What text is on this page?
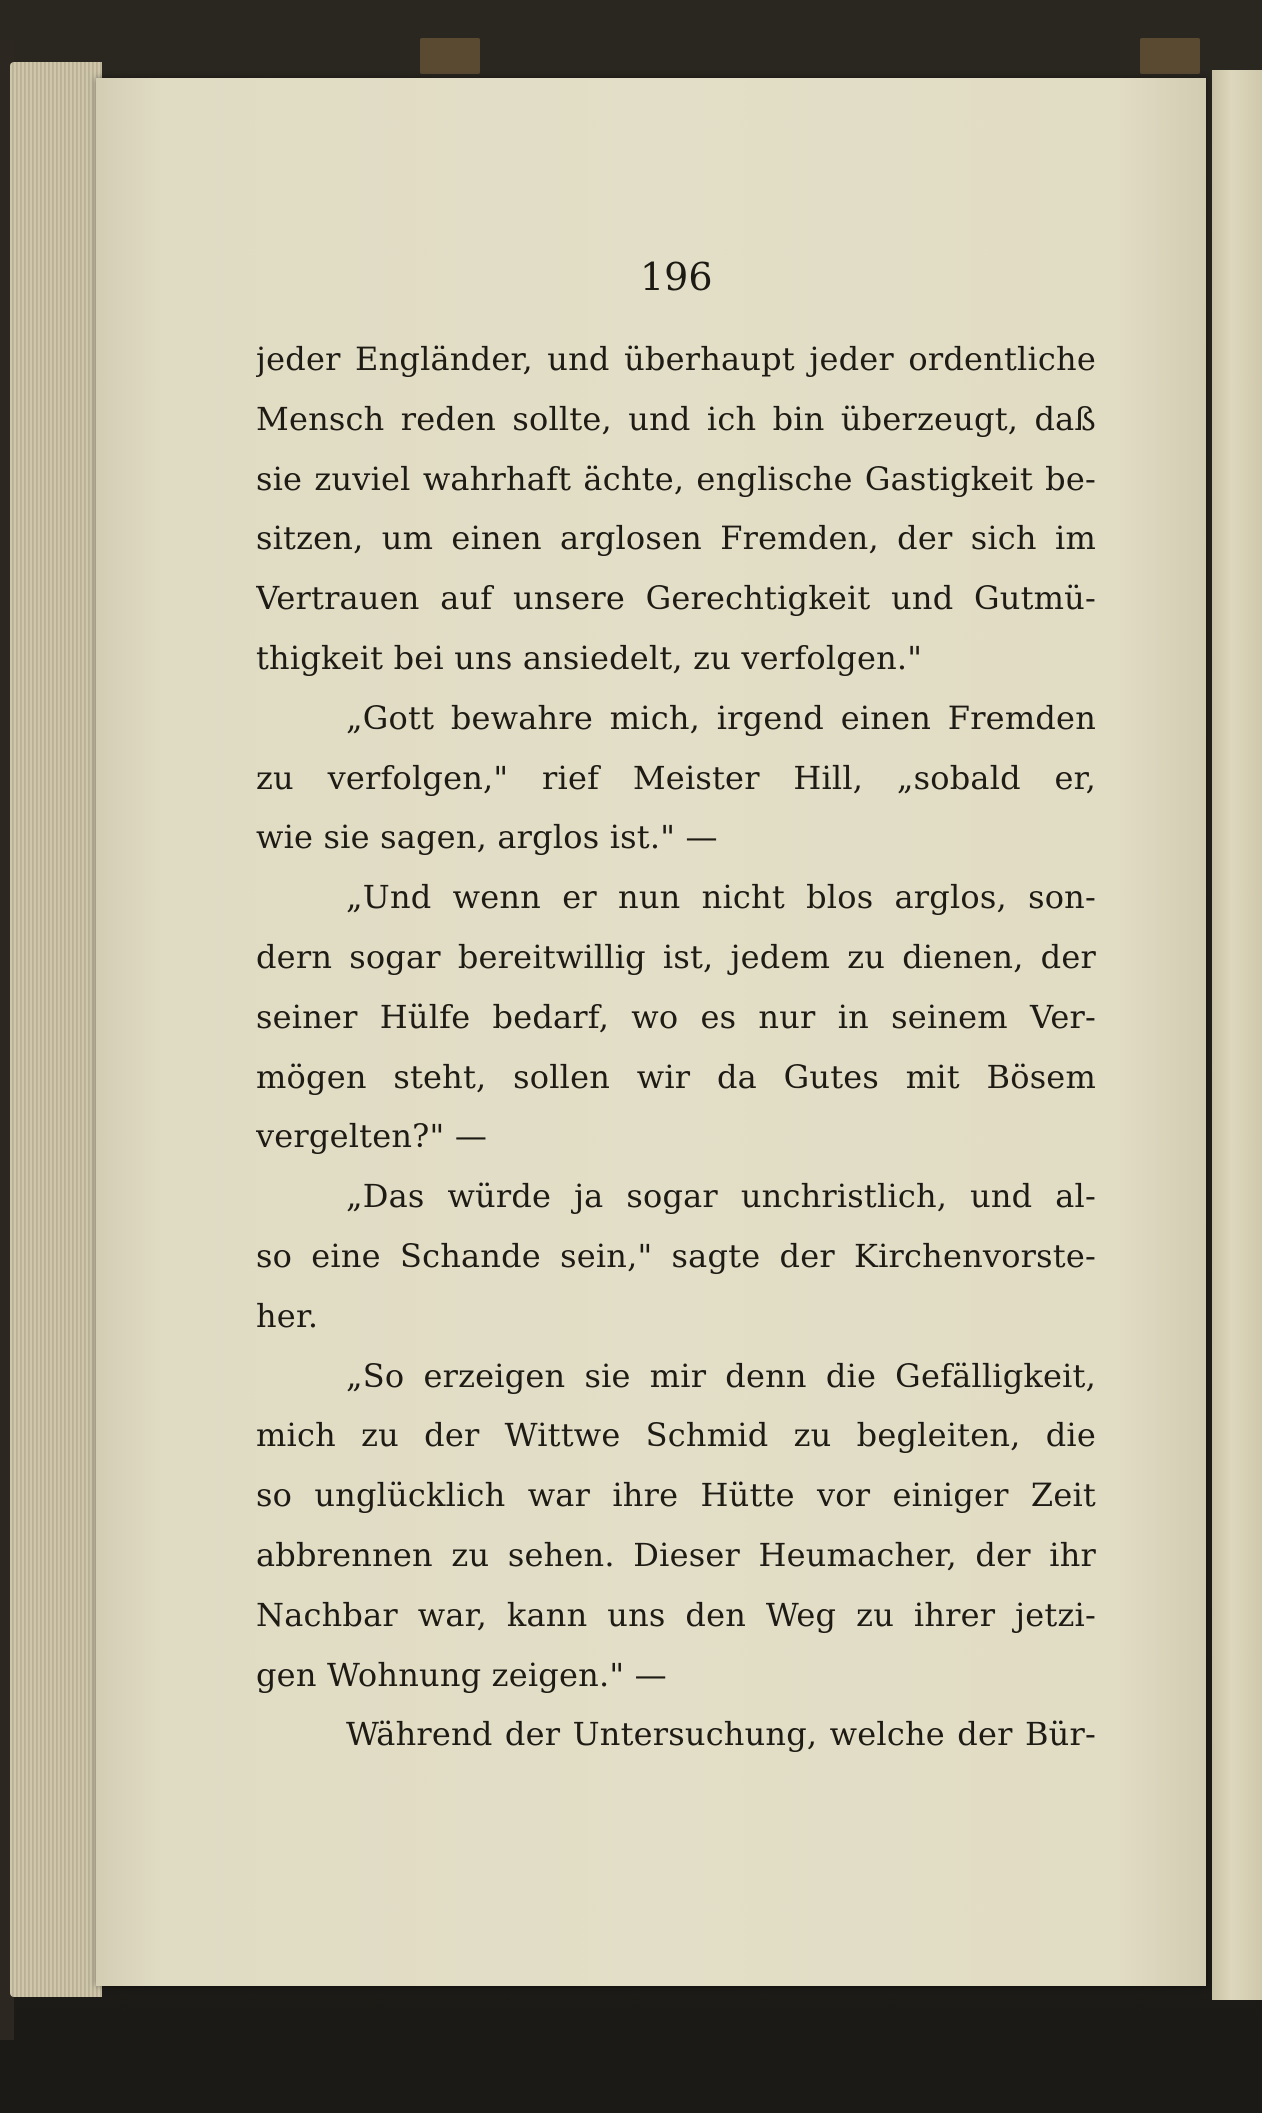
196
jeder Engländer, und überhaupt jeder ordentliche
Mensch reden sollte, und ich bin überzeugt, daß
sie zuviel wahrhaft ächte, englische Gastigkeit be-
sitzen, um einen arglosen Fremden, der sich im
Vertrauen auf unsere Gerechtigkeit und Gutmü-
thigkeit bei uns ansiedelt, zu verfolgen."
„Gott bewahre mich, irgend einen Fremden
zu verfolgen," rief Meister Hill, „sobald er,
wie sie sagen, arglos ist." —
„Und wenn er nun nicht blos arglos, son-
dern sogar bereitwillig ist, jedem zu dienen, der
seiner Hülfe bedarf, wo es nur in seinem Ver-
mögen steht, sollen wir da Gutes mit Bösem
vergelten?" —
„Das würde ja sogar unchristlich, und al-
so eine Schande sein," sagte der Kirchenvorste-
her.
„So erzeigen sie mir denn die Gefälligkeit,
mich zu der Wittwe Schmid zu begleiten, die
so unglücklich war ihre Hütte vor einiger Zeit
abbrennen zu sehen. Dieser Heumacher, der ihr
Nachbar war, kann uns den Weg zu ihrer jetzi-
gen Wohnung zeigen." —
Während der Untersuchung, welche der Bür-
